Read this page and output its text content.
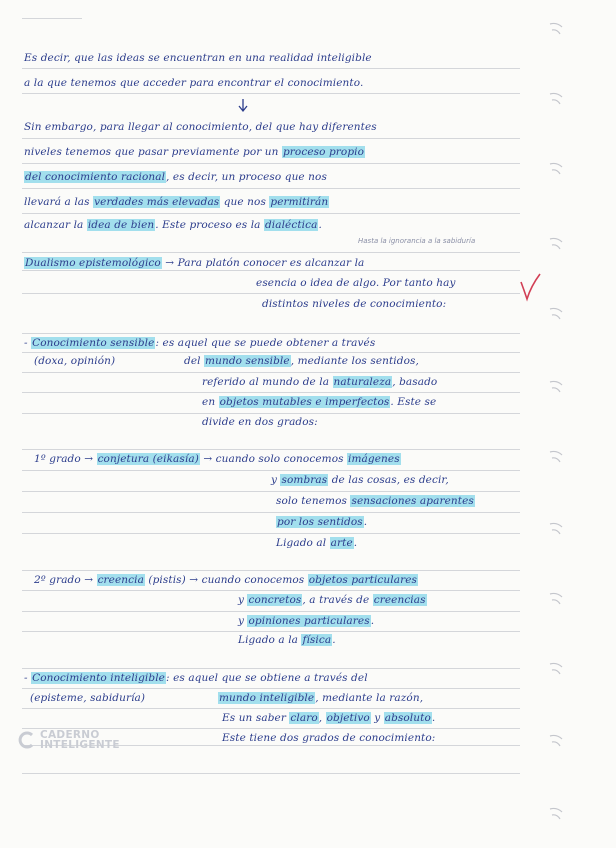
Es decir, que las ideas se encuentran en una realidad inteligible
a la que tenemos que acceder para encontrar el conocimiento.
Sin embargo, para llegar al conocimiento, del que hay diferentes
niveles tenemos que pasar previamente por un proceso propio
del conocimiento racional, es decir, un proceso que nos
llevará a las verdades más elevadas que nos permitirán
alcanzar la idea de bien. Este proceso es la dialéctica.
Hasta la ignorancia a la sabiduría
Dualismo epistemológico → Para platón conocer es alcanzar la
esencia o idea de algo. Por tanto hay
distintos niveles de conocimiento:
- Conocimiento sensible: es aquel que se puede obtener a través
(doxa, opinión)	del mundo sensible, mediante los sentidos,
referido al mundo de la naturaleza, basado
en objetos mutables e imperfectos. Este se
divide en dos grados:
1º grado → conjetura (eikasía) → cuando solo conocemos imágenes
y sombras de las cosas, es decir,
solo tenemos sensaciones aparentes
por los sentidos.
Ligado al arte.
2º grado → creencia (pistis) → cuando conocemos objetos particulares
y concretos, a través de creencias
y opiniones particulares.
Ligado a la física.
- Conocimiento inteligible: es aquel que se obtiene a través del
(episteme, sabiduría)	mundo inteligible, mediante la razón,
Es un saber claro, objetivo y absoluto.
Este tiene dos grados de conocimiento:
CADERNO
INTELIGENTE
